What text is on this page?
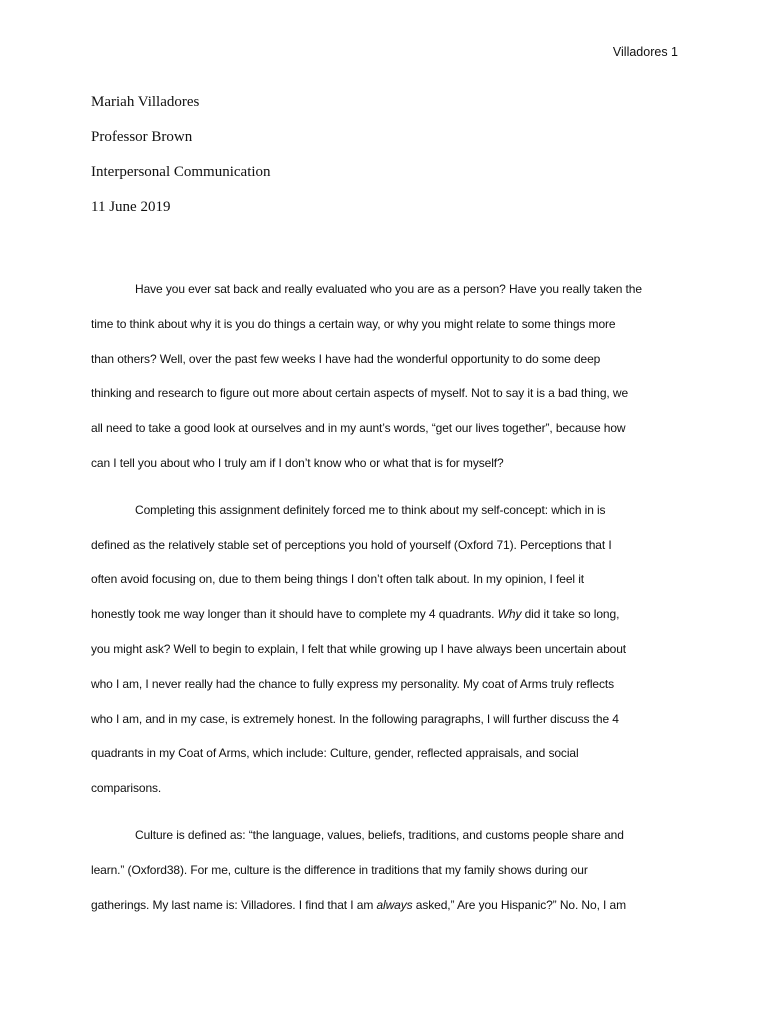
Villadores 1
Mariah Villadores
Professor Brown
Interpersonal Communication
11 June 2019
Have you ever sat back and really evaluated who you are as a person? Have you really taken the
time to think about why it is you do things a certain way, or why you might relate to some things more
than others? Well, over the past few weeks I have had the wonderful opportunity to do some deep
thinking and research to figure out more about certain aspects of myself. Not to say it is a bad thing, we
all need to take a good look at ourselves and in my aunt’s words, “get our lives together”, because how
can I tell you about who I truly am if I don’t know who or what that is for myself?
Completing this assignment definitely forced me to think about my self-concept: which in is
defined as the relatively stable set of perceptions you hold of yourself (Oxford 71). Perceptions that I
often avoid focusing on, due to them being things I don’t often talk about. In my opinion, I feel it
honestly took me way longer than it should have to complete my 4 quadrants. Why did it take so long,
you might ask? Well to begin to explain, I felt that while growing up I have always been uncertain about
who I am, I never really had the chance to fully express my personality. My coat of Arms truly reflects
who I am, and in my case, is extremely honest. In the following paragraphs, I will further discuss the 4
quadrants in my Coat of Arms, which include: Culture, gender, reflected appraisals, and social
comparisons.
Culture is defined as: “the language, values, beliefs, traditions, and customs people share and
learn.” (Oxford38). For me, culture is the difference in traditions that my family shows during our
gatherings. My last name is: Villadores. I find that I am always asked,” Are you Hispanic?” No. No, I am
